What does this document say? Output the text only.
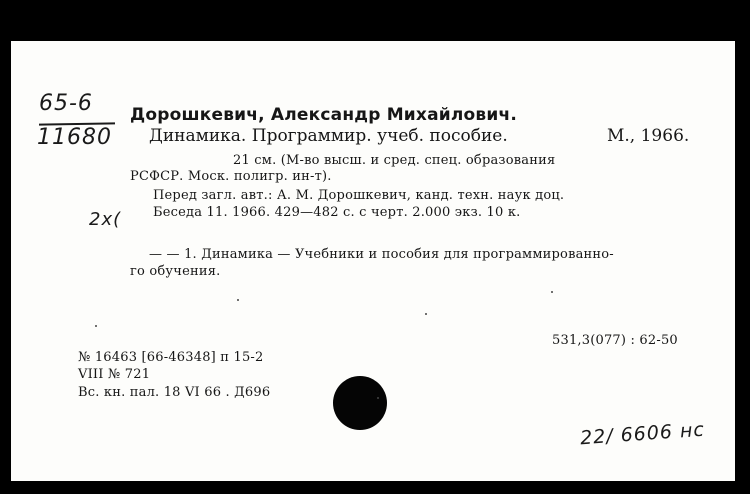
65-6
11680
2x(
Дорошкевич, Александр Михайлович.
Динамика. Программир. учеб. пособие.	М., 1966.
21 см. (М-во высш. и сред. спец. образования
РСФСР. Моск. полигр. ин-т).
Перед загл. авт.: А. М. Дорошкевич, канд. техн. наук доц.
Беседа 11. 1966. 429—482 с. с черт. 2.000 экз. 10 к.
— — 1. Динамика — Учебники и пособия для программированно-
го обучения.
531,3(077) : 62-50
№ 16463 [66-46348] п 15-2
VIII № 721
Вс. кн. пал. 18 VI 66 . Д696
22/ 6606 нс
